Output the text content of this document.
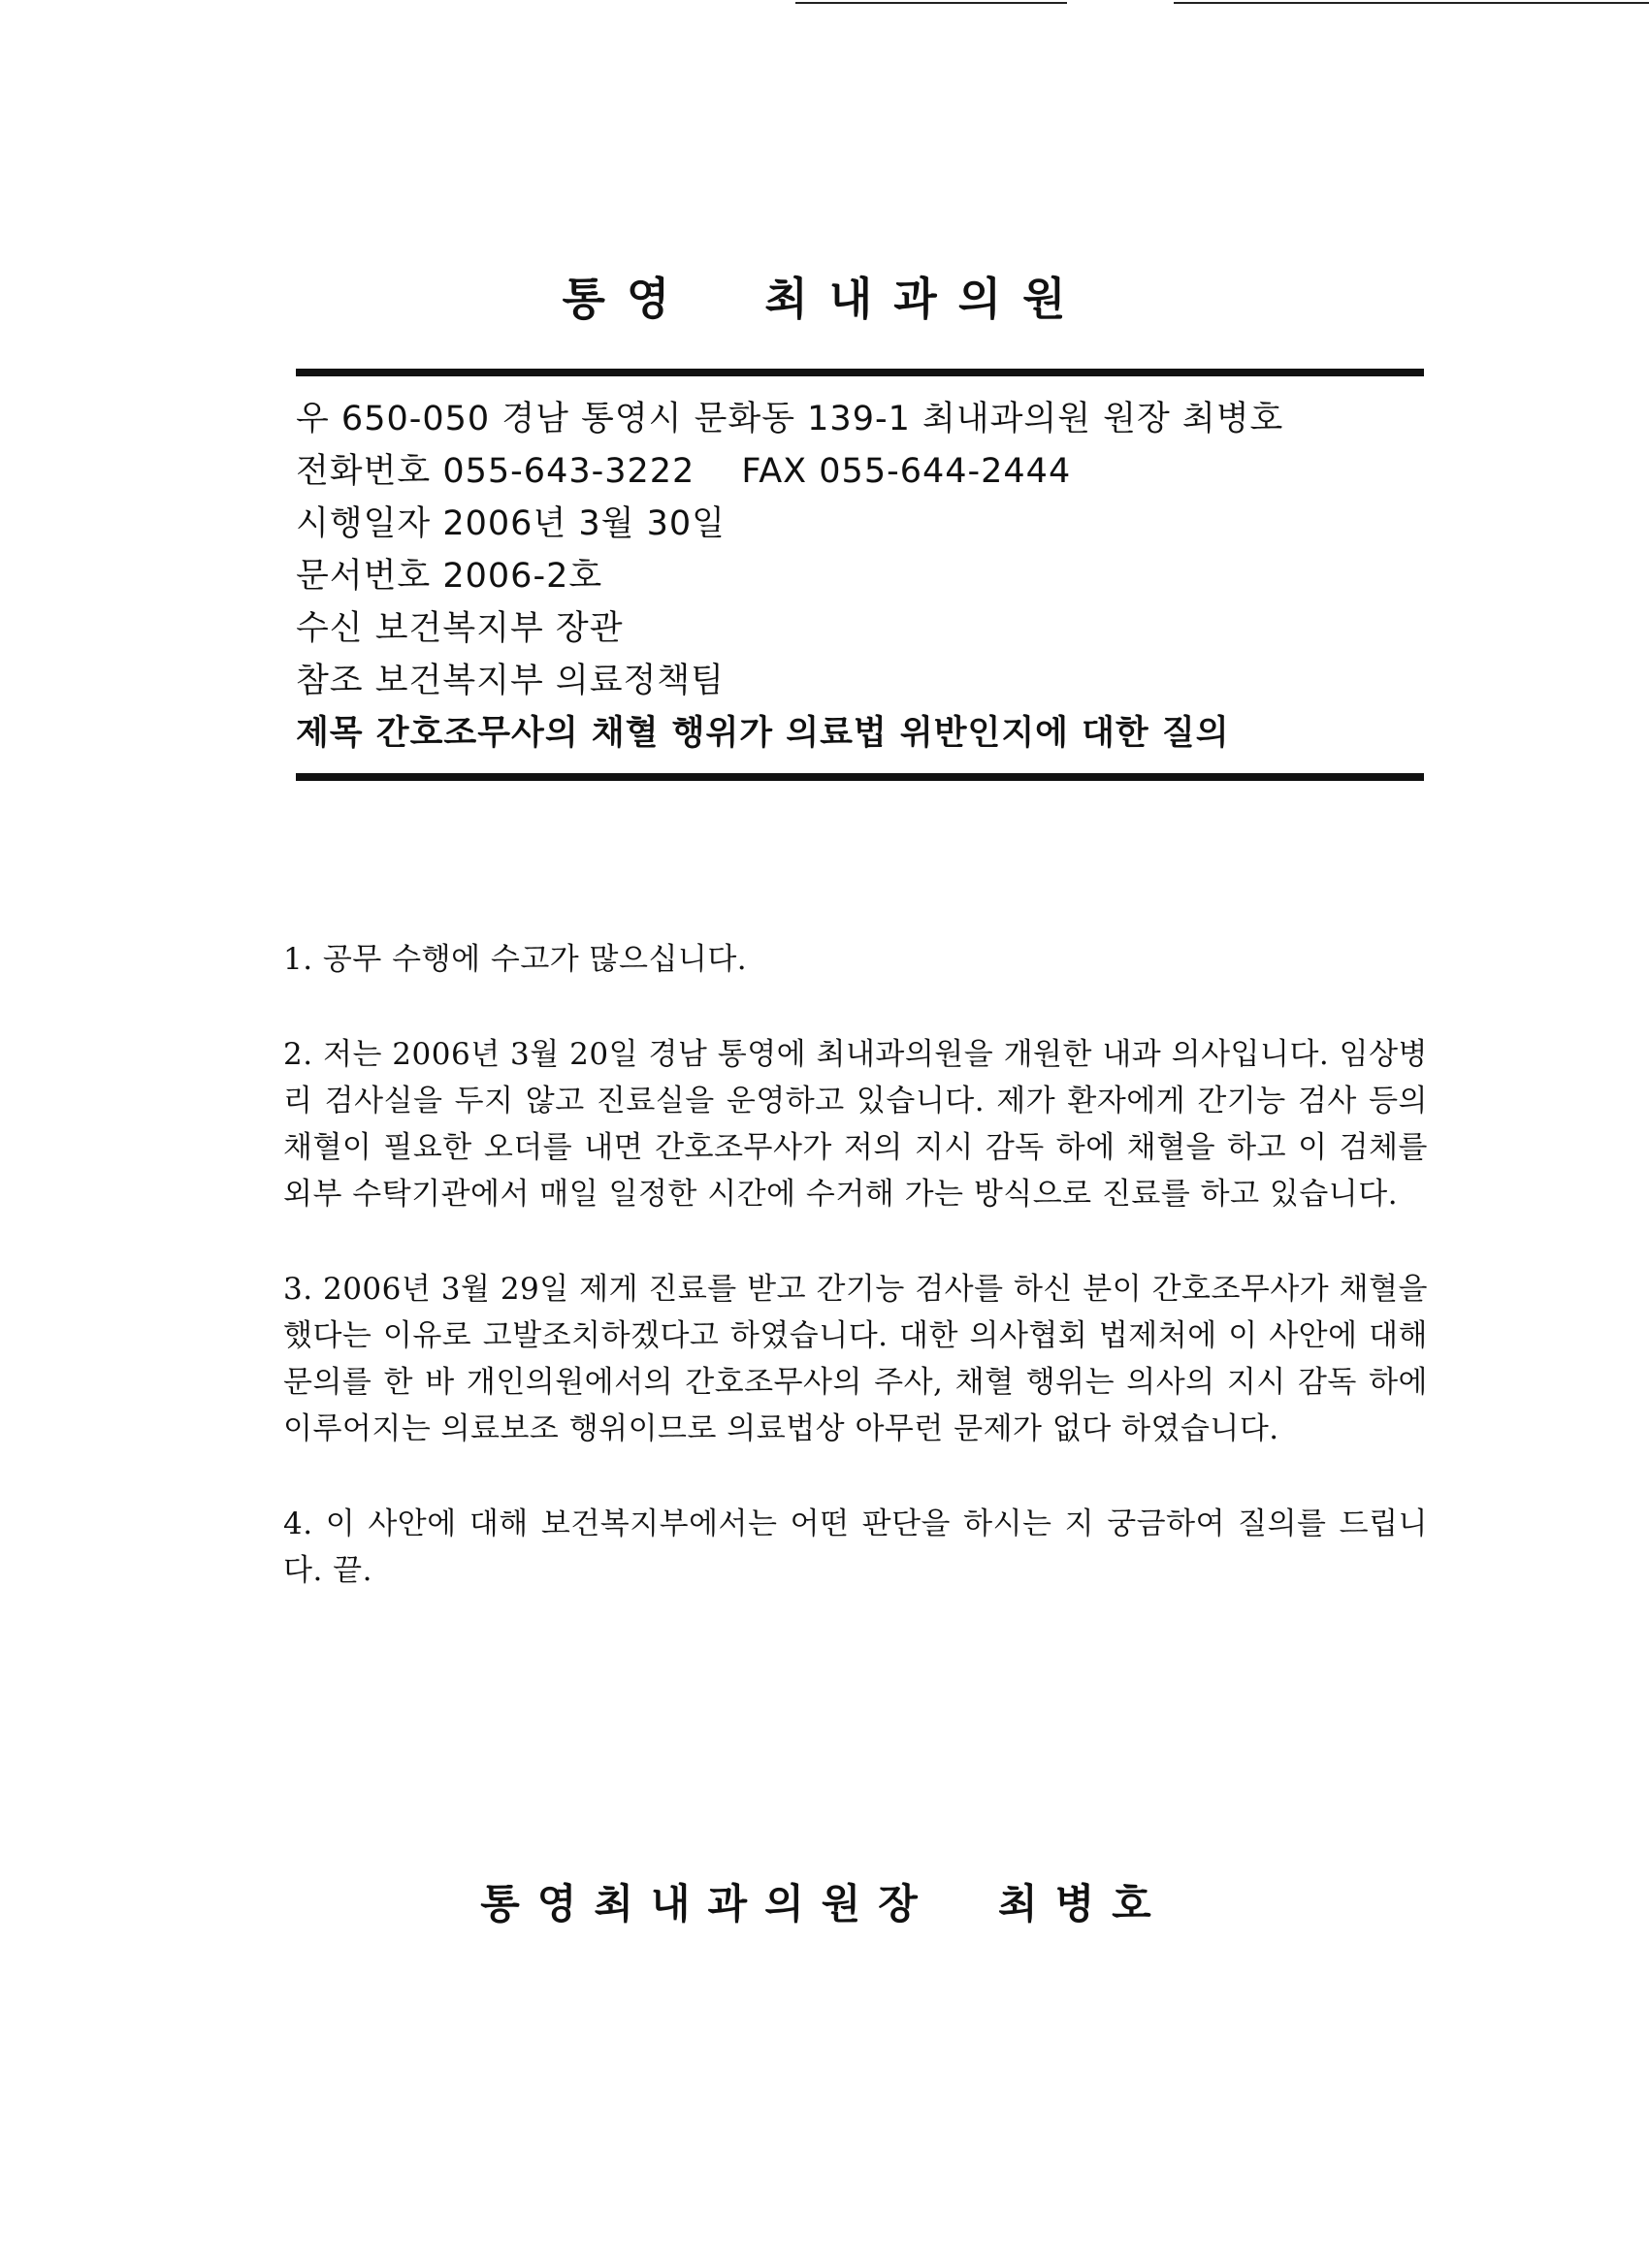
통영  최내과의원
우 650-050 경남 통영시 문화동 139-1 최내과의원 원장 최병호
전화번호 055-643-3222 FAX 055-644-2444
시행일자 2006년 3월 30일
문서번호 2006-2호
수신 보건복지부 장관
참조 보건복지부 의료정책팀
제목 간호조무사의 채혈 행위가 의료법 위반인지에 대한 질의

1. 공무 수행에 수고가 많으십니다.

2. 저는 2006년 3월 20일 경남 통영에 최내과의원을 개원한 내과 의사입니다. 임상병리 검사실을 두지 않고 진료실을 운영하고 있습니다. 제가 환자에게 간기능 검사 등의 채혈이 필요한 오더를 내면 간호조무사가 저의 지시 감독 하에 채혈을 하고 이 검체를 외부 수탁기관에서 매일 일정한 시간에 수거해 가는 방식으로 진료를 하고 있습니다.

3. 2006년 3월 29일 제게 진료를 받고 간기능 검사를 하신 분이 간호조무사가 채혈을 했다는 이유로 고발조치하겠다고 하였습니다. 대한 의사협회 법제처에 이 사안에 대해 문의를 한 바 개인의원에서의 간호조무사의 주사, 채혈 행위는 의사의 지시 감독 하에 이루어지는 의료보조 행위이므로 의료법상 아무런 문제가 없다 하였습니다.

4. 이 사안에 대해 보건복지부에서는 어떤 판단을 하시는 지 궁금하여 질의를 드립니다. 끝.

통영최내과의원장  최병호
